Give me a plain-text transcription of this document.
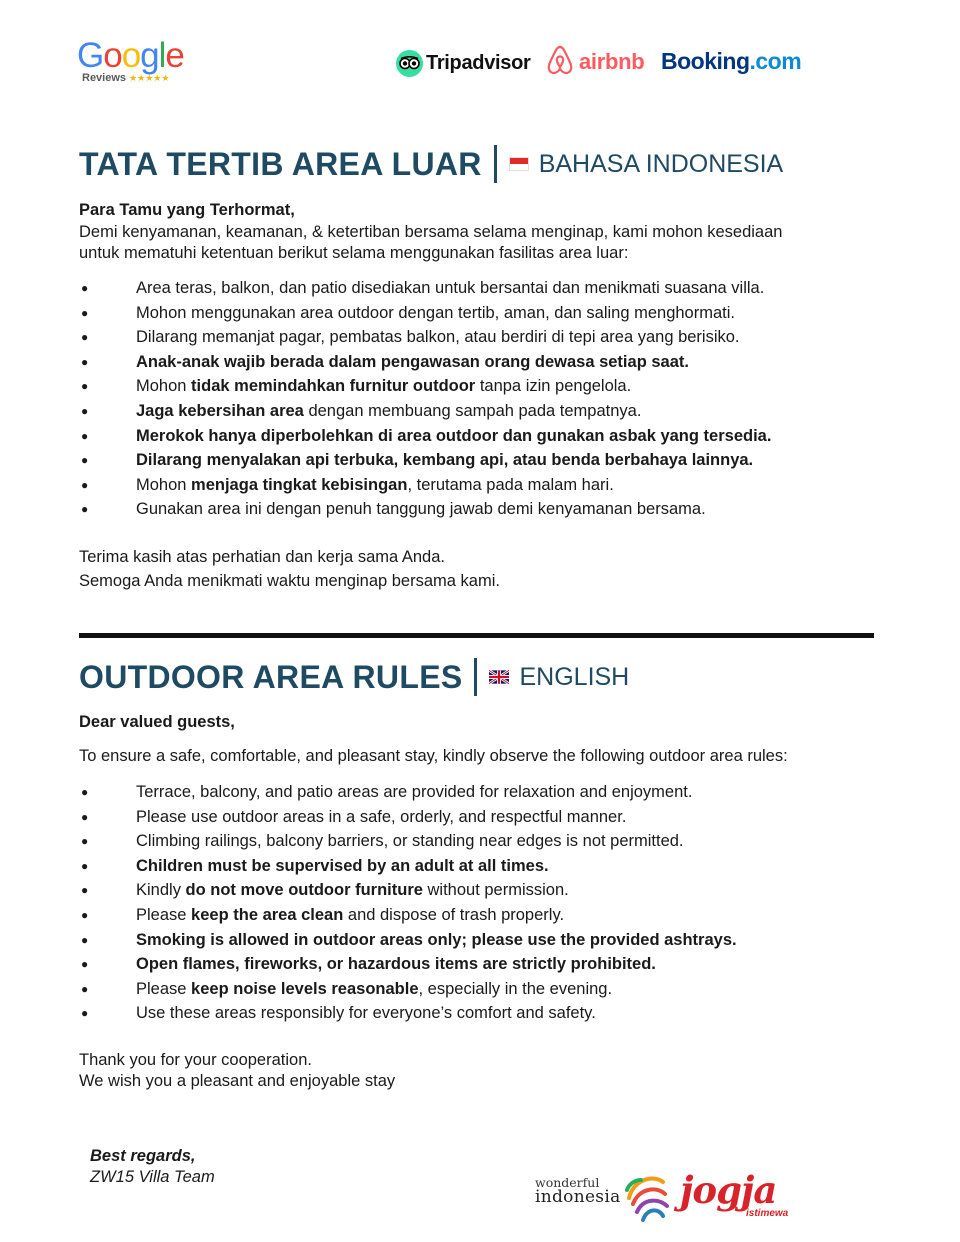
Google
Reviews ★★★★★
Tripadvisor airbnb Booking .com
TATA TERTIB AREA LUAR BAHASA INDONESIA
Para Tamu yang Terhormat,
Demi kenyamanan, keamanan, & ketertiban bersama selama menginap, kami mohon kesediaan
untuk mematuhi ketentuan berikut selama menggunakan fasilitas area luar:
●	Area teras, balkon, dan patio disediakan untuk bersantai dan menikmati suasana villa.
●	Mohon menggunakan area outdoor dengan tertib, aman, dan saling menghormati.
●	Dilarang memanjat pagar, pembatas balkon, atau berdiri di tepi area yang berisiko.
●	Anak-anak wajib berada dalam pengawasan orang dewasa setiap saat.
●	Mohon tidak memindahkan furnitur outdoor tanpa izin pengelola.
●	Jaga kebersihan area dengan membuang sampah pada tempatnya.
●	Merokok hanya diperbolehkan di area outdoor dan gunakan asbak yang tersedia.
●	Dilarang menyalakan api terbuka, kembang api, atau benda berbahaya lainnya.
●	Mohon menjaga tingkat kebisingan, terutama pada malam hari.
●	Gunakan area ini dengan penuh tanggung jawab demi kenyamanan bersama.
Terima kasih atas perhatian dan kerja sama Anda.
Semoga Anda menikmati waktu menginap bersama kami.
OUTDOOR AREA RULES ENGLISH
Dear valued guests,
To ensure a safe, comfortable, and pleasant stay, kindly observe the following outdoor area rules:
●	Terrace, balcony, and patio areas are provided for relaxation and enjoyment.
●	Please use outdoor areas in a safe, orderly, and respectful manner.
●	Climbing railings, balcony barriers, or standing near edges is not permitted.
●	Children must be supervised by an adult at all times.
●	Kindly do not move outdoor furniture without permission.
●	Please keep the area clean and dispose of trash properly.
●	Smoking is allowed in outdoor areas only; please use the provided ashtrays.
●	Open flames, fireworks, or hazardous items are strictly prohibited.
●	Please keep noise levels reasonable, especially in the evening.
●	Use these areas responsibly for everyone’s comfort and safety.
Thank you for your cooperation.
We wish you a pleasant and enjoyable stay
Best regards,
ZW15 Villa Team	wonderful
indonesia jogja
istimewa
